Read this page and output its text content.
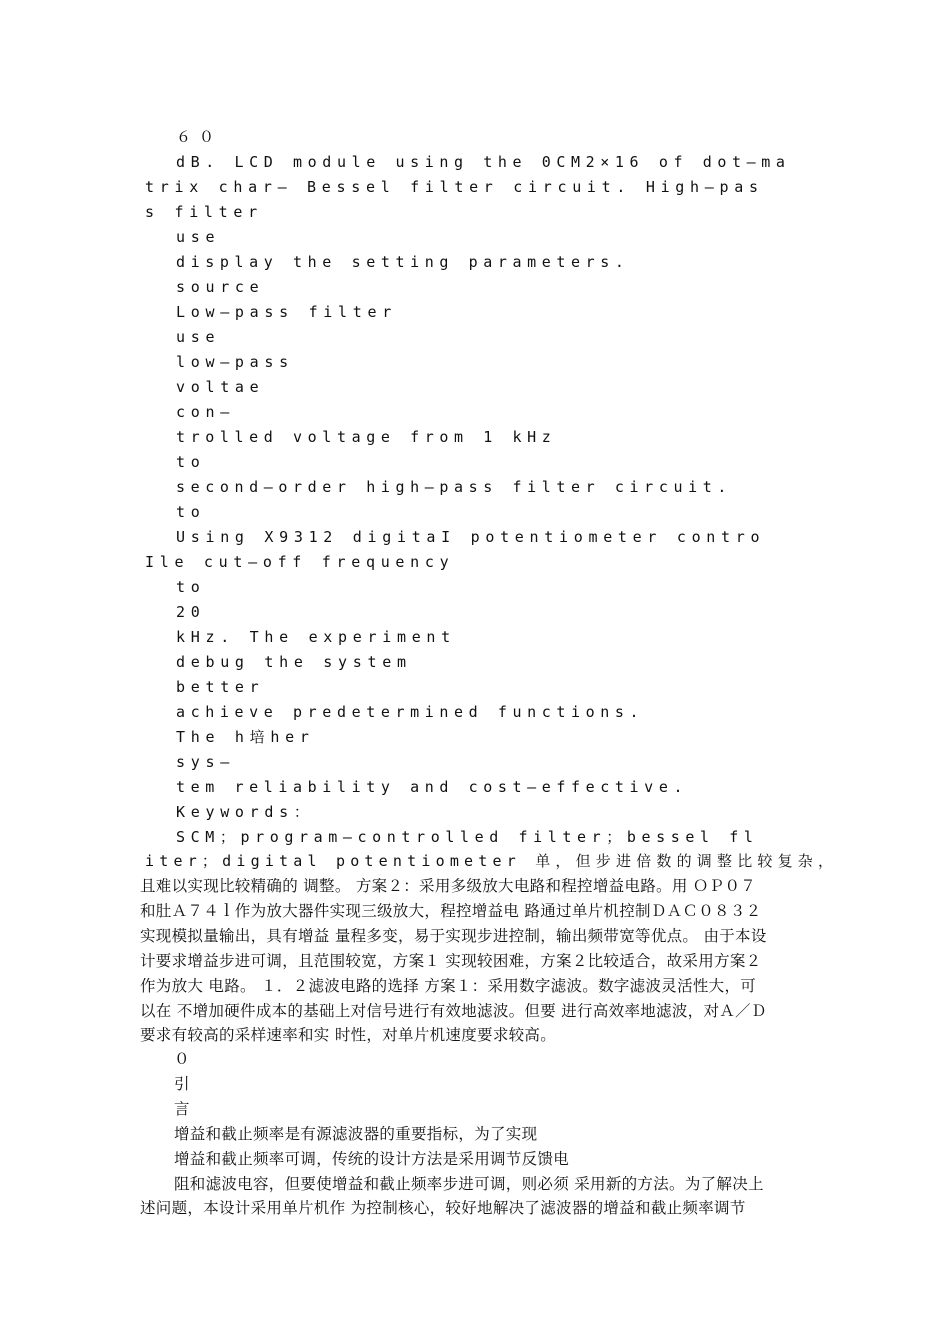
６０
dB. LCD module using the 0CM2×16 of dot—ma
trix char— Bessel filter circuit. High—pas
s filter
use
display the setting parameters.
source
Low—pass filter
use
low—pass
voltae
con—
trolled voltage from 1 kHz
to
second—order high—pass filter circuit.
to
Using X9312 digitaI potentiometer contro
Ile cut—off frequency
to
20
kHz. The experiment
debug the system
better
achieve predetermined functions.
The h培her
sys—
tem reliability and cost—effective.
Keywords：
SCM；program—controlled filter；bessel fl
iter；digital potentiometer 单，但步进倍数的调整比较复杂，
且难以实现比较精确的 调整。 方案２：采用多级放大电路和程控增益电路。用 ＯＰ０７
和肚Ａ７４ｌ作为放大器件实现三级放大，程控增益电 路通过单片机控制ＤＡＣ０８３２
实现模拟量输出，具有增益 量程多变，易于实现步进控制，输出频带宽等优点。 由于本设
计要求增益步进可调，且范围较宽，方案１ 实现较困难，方案２比较适合，故采用方案２
作为放大 电路。 １．２滤波电路的选择 方案１：采用数字滤波。数字滤波灵活性大，可
以在 不增加硬件成本的基础上对信号进行有效地滤波。但要 进行高效率地滤波，对Ａ／Ｄ
要求有较高的采样速率和实 时性，对单片机速度要求较高。
０
引
言
增益和截止频率是有源滤波器的重要指标，为了实现
增益和截止频率可调，传统的设计方法是采用调节反馈电
阻和滤波电容，但要使增益和截止频率步进可调，则必须 采用新的方法。为了解决上
述问题，本设计采用单片机作 为控制核心，较好地解决了滤波器的增益和截止频率调节
